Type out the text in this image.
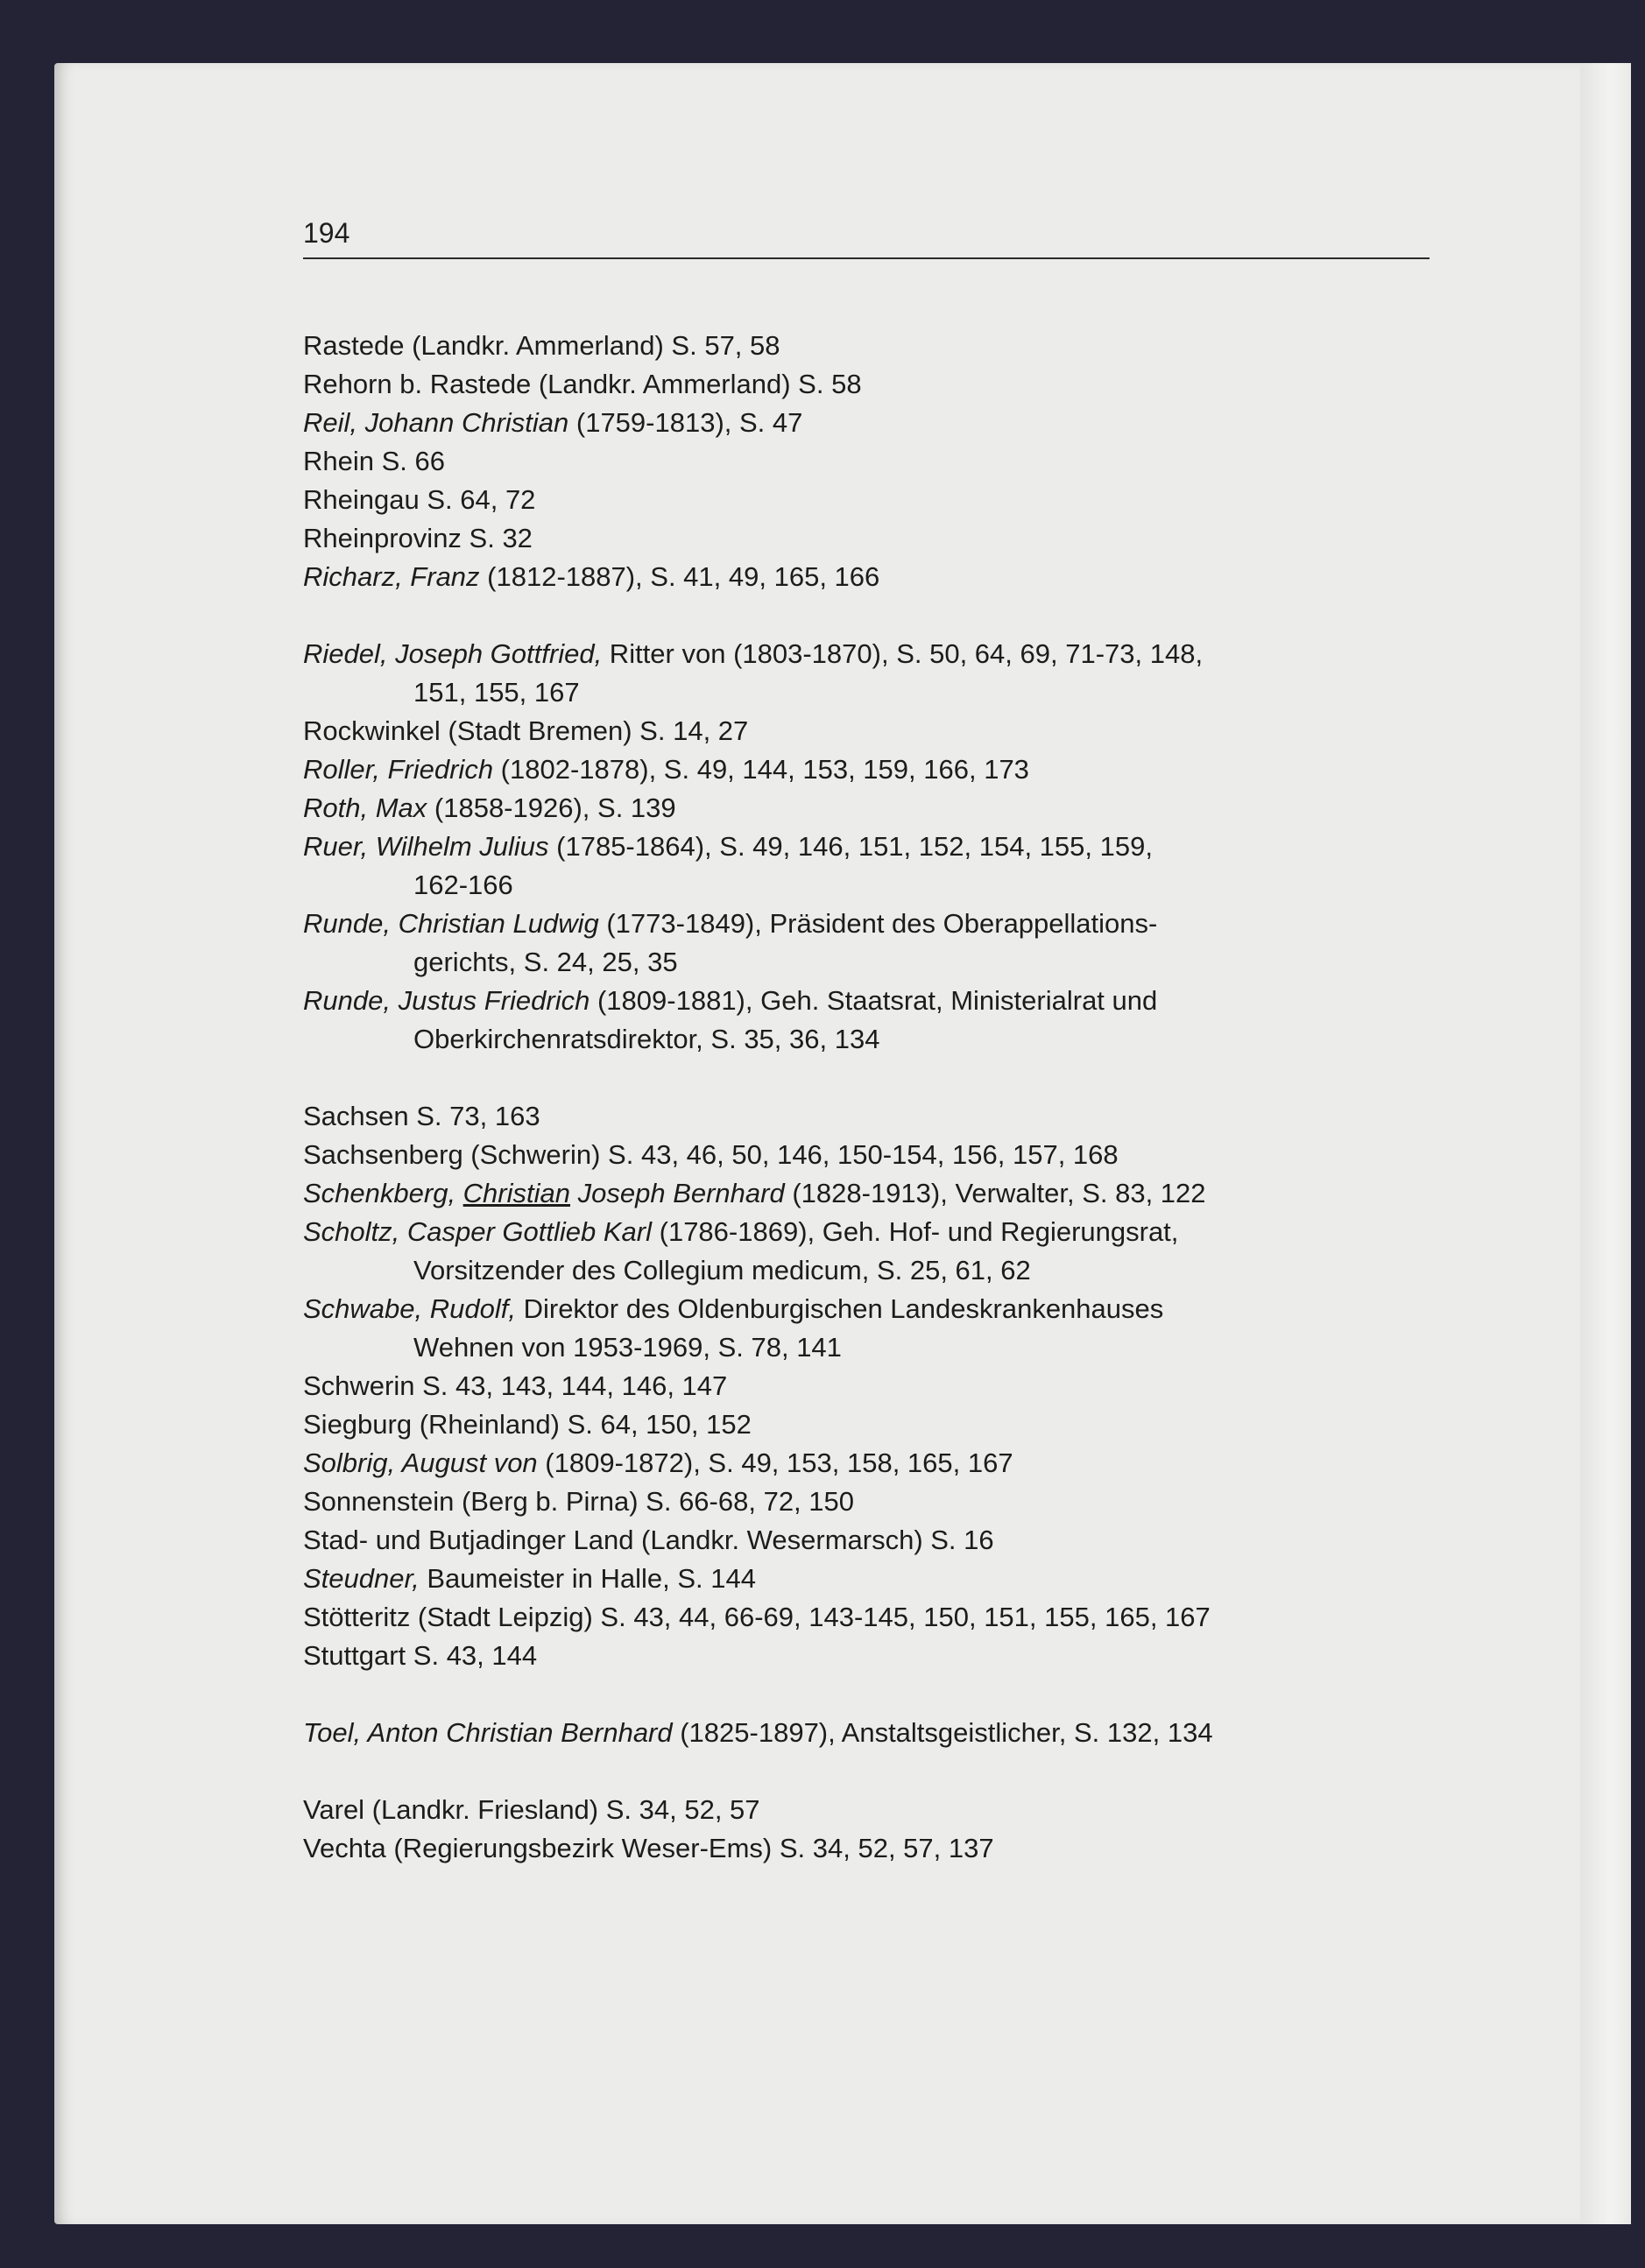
194
Rastede (Landkr. Ammerland) S. 57, 58
Rehorn b. Rastede (Landkr. Ammerland) S. 58
Reil, Johann Christian (1759-1813), S. 47
Rhein S. 66
Rheingau S. 64, 72
Rheinprovinz S. 32
Richarz, Franz (1812-1887), S. 41, 49, 165, 166
Riedel, Joseph Gottfried, Ritter von (1803-1870), S. 50, 64, 69, 71-73, 148,
151, 155, 167
Rockwinkel (Stadt Bremen) S. 14, 27
Roller, Friedrich (1802-1878), S. 49, 144, 153, 159, 166, 173
Roth, Max (1858-1926), S. 139
Ruer, Wilhelm Julius (1785-1864), S. 49, 146, 151, 152, 154, 155, 159,
162-166
Runde, Christian Ludwig (1773-1849), Präsident des Oberappellations-
gerichts, S. 24, 25, 35
Runde, Justus Friedrich (1809-1881), Geh. Staatsrat, Ministerialrat und
Oberkirchenratsdirektor, S. 35, 36, 134
Sachsen S. 73, 163
Sachsenberg (Schwerin) S. 43, 46, 50, 146, 150-154, 156, 157, 168
Schenkberg, Christian Joseph Bernhard (1828-1913), Verwalter, S. 83, 122
Scholtz, Casper Gottlieb Karl (1786-1869), Geh. Hof- und Regierungsrat,
Vorsitzender des Collegium medicum, S. 25, 61, 62
Schwabe, Rudolf, Direktor des Oldenburgischen Landeskrankenhauses
Wehnen von 1953-1969, S. 78, 141
Schwerin S. 43, 143, 144, 146, 147
Siegburg (Rheinland) S. 64, 150, 152
Solbrig, August von (1809-1872), S. 49, 153, 158, 165, 167
Sonnenstein (Berg b. Pirna) S. 66-68, 72, 150
Stad- und Butjadinger Land (Landkr. Wesermarsch) S. 16
Steudner, Baumeister in Halle, S. 144
Stötteritz (Stadt Leipzig) S. 43, 44, 66-69, 143-145, 150, 151, 155, 165, 167
Stuttgart S. 43, 144
Toel, Anton Christian Bernhard (1825-1897), Anstaltsgeistlicher, S. 132, 134
Varel (Landkr. Friesland) S. 34, 52, 57
Vechta (Regierungsbezirk Weser-Ems) S. 34, 52, 57, 137
